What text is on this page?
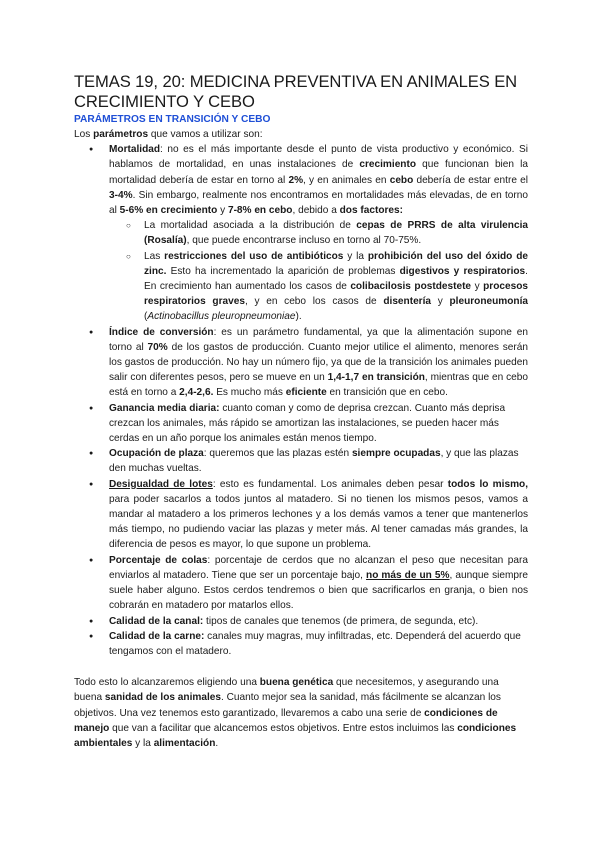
TEMAS 19, 20: MEDICINA PREVENTIVA EN ANIMALES EN CRECIMIENTO Y CEBO
PARÁMETROS EN TRANSICIÓN Y CEBO

Los parámetros que vamos a utilizar son:

● Mortalidad: no es el más importante desde el punto de vista productivo y económico. Si hablamos de mortalidad, en unas instalaciones de crecimiento que funcionan bien la mortalidad debería de estar en torno al 2%, y en animales en cebo debería de estar entre el 3-4%. Sin embargo, realmente nos encontramos en mortalidades más elevadas, de en torno al 5-6% en crecimiento y 7-8% en cebo, debido a dos factores:
○ La mortalidad asociada a la distribución de cepas de PRRS de alta virulencia (Rosalía), que puede encontrarse incluso en torno al 70-75%.
○ Las restricciones del uso de antibióticos y la prohibición del uso del óxido de zinc. Esto ha incrementado la aparición de problemas digestivos y respiratorios. En crecimiento han aumentado los casos de colibacilosis postdestete y procesos respiratorios graves, y en cebo los casos de disentería y pleuroneumonía (Actinobacillus pleuropneumoniae).
● Índice de conversión: es un parámetro fundamental, ya que la alimentación supone en torno al 70% de los gastos de producción. Cuanto mejor utilice el alimento, menores serán los gastos de producción. No hay un número fijo, ya que de la transición los animales pueden salir con diferentes pesos, pero se mueve en un 1,4-1,7 en transición, mientras que en cebo está en torno a 2,4-2,6. Es mucho más eficiente en transición que en cebo.
● Ganancia media diaria: cuanto coman y como de deprisa crezcan. Cuanto más deprisa crezcan los animales, más rápido se amortizan las instalaciones, se pueden hacer más cerdas en un año porque los animales están menos tiempo.
● Ocupación de plaza: queremos que las plazas estén siempre ocupadas, y que las plazas den muchas vueltas.
● Desigualdad de lotes: esto es fundamental. Los animales deben pesar todos lo mismo, para poder sacarlos a todos juntos al matadero. Si no tienen los mismos pesos, vamos a mandar al matadero a los primeros lechones y a los demás vamos a tener que mantenerlos más tiempo, no pudiendo vaciar las plazas y meter más. Al tener camadas más grandes, la diferencia de pesos es mayor, lo que supone un problema.
● Porcentaje de colas: porcentaje de cerdos que no alcanzan el peso que necesitan para enviarlos al matadero. Tiene que ser un porcentaje bajo, no más de un 5%, aunque siempre suele haber alguno. Estos cerdos tendremos o bien que sacrificarlos en granja, o bien nos cobrarán en matadero por matarlos ellos.
● Calidad de la canal: tipos de canales que tenemos (de primera, de segunda, etc).
● Calidad de la carne: canales muy magras, muy infiltradas, etc. Dependerá del acuerdo que tengamos con el matadero.

Todo esto lo alcanzaremos eligiendo una buena genética que necesitemos, y asegurando una buena sanidad de los animales. Cuanto mejor sea la sanidad, más fácilmente se alcanzan los objetivos. Una vez tenemos esto garantizado, llevaremos a cabo una serie de condiciones de manejo que van a facilitar que alcancemos estos objetivos. Entre estos incluimos las condiciones ambientales y la alimentación.
